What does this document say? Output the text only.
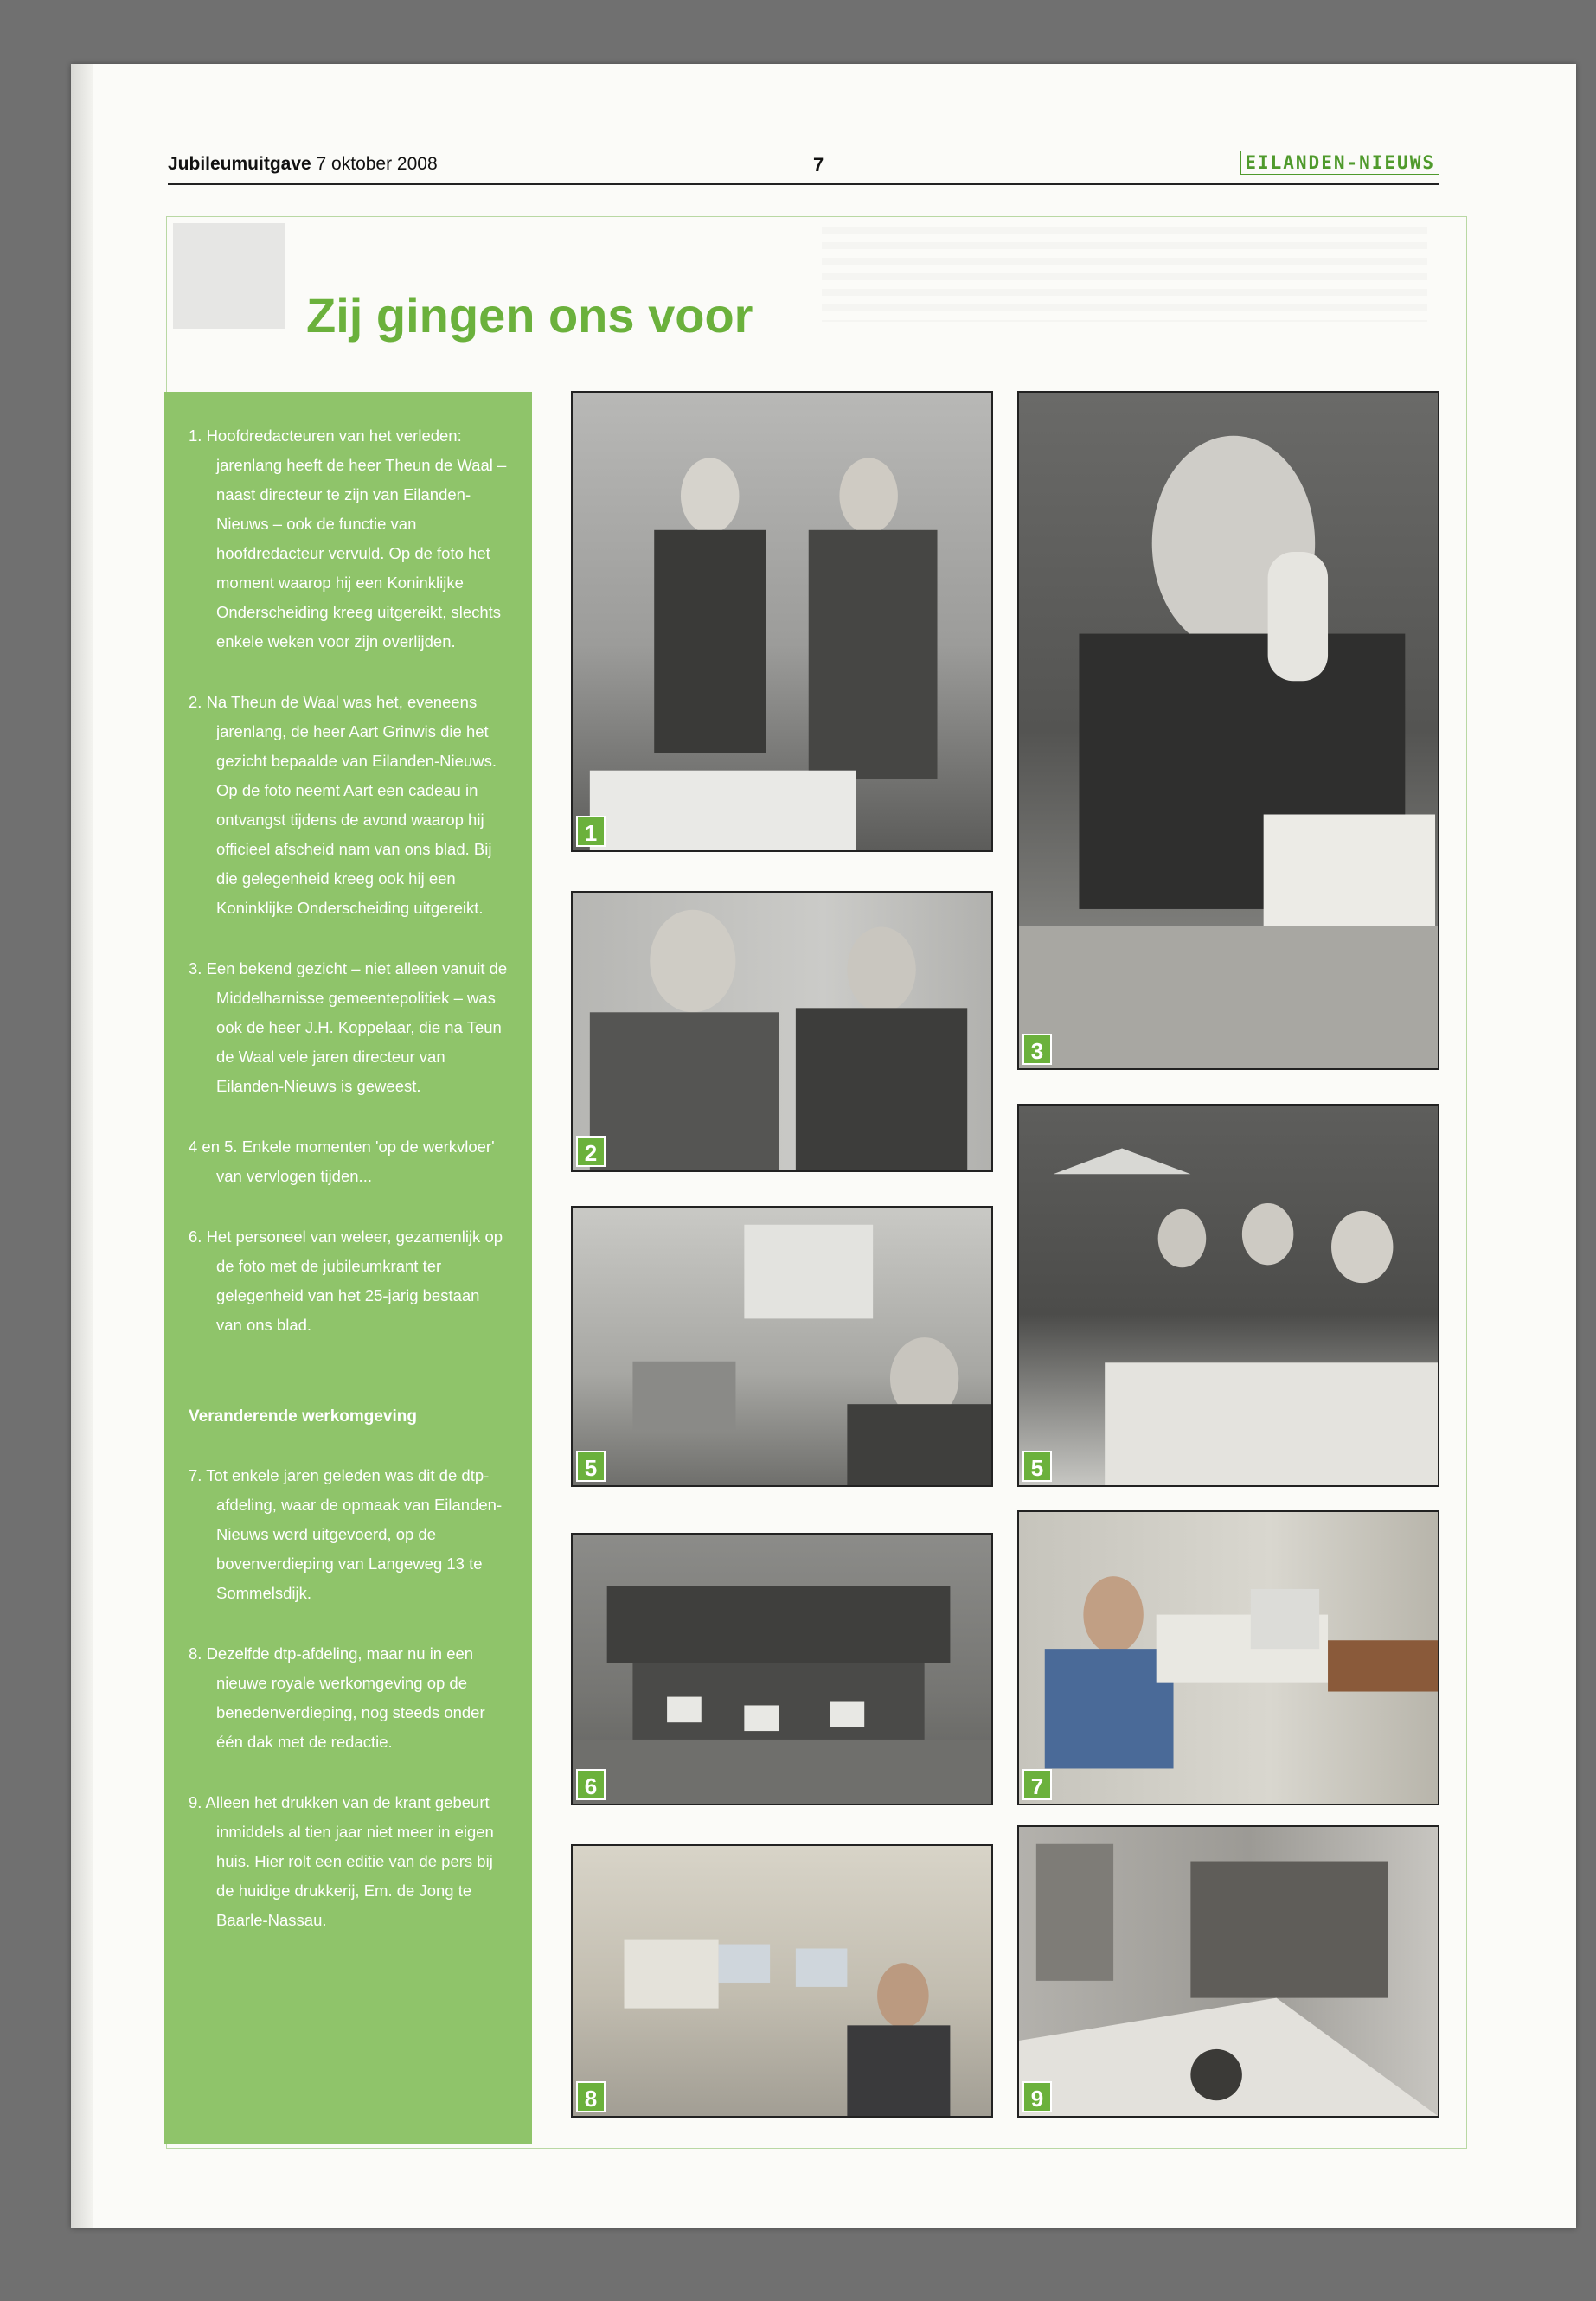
Jubileumuitgave 7 oktober 2008	7	EILANDEN-NIEUWS
Zij gingen ons voor

1. Hoofdredacteuren van het verleden: jarenlang heeft de heer Theun de Waal – naast directeur te zijn van Eilanden-Nieuws – ook de functie van hoofdredacteur vervuld. Op de foto het moment waarop hij een Koninklijke Onderscheiding kreeg uitgereikt, slechts enkele weken voor zijn overlijden.

2. Na Theun de Waal was het, eveneens jarenlang, de heer Aart Grinwis die het gezicht bepaalde van Eilanden-Nieuws. Op de foto neemt Aart een cadeau in ontvangst tijdens de avond waarop hij officieel afscheid nam van ons blad. Bij die gelegenheid kreeg ook hij een Koninklijke Onderscheiding uitgereikt.

3. Een bekend gezicht – niet alleen vanuit de Middelharnisse gemeentepolitiek – was ook de heer J.H. Koppelaar, die na Teun de Waal vele jaren directeur van Eilanden-Nieuws is geweest.

4 en 5. Enkele momenten 'op de werkvloer' van vervlogen tijden...

6. Het personeel van weleer, gezamenlijk op de foto met de jubileumkrant ter gelegenheid van het 25-jarig bestaan van ons blad.

Veranderende werkomgeving

7. Tot enkele jaren geleden was dit de dtp-afdeling, waar de opmaak van Eilanden-Nieuws werd uitgevoerd, op de bovenverdieping van Langeweg 13 te Sommelsdijk.

8. Dezelfde dtp-afdeling, maar nu in een nieuwe royale werkomgeving op de benedenverdieping, nog steeds onder één dak met de redactie.

9. Alleen het drukken van de krant gebeurt inmiddels al tien jaar niet meer in eigen huis. Hier rolt een editie van de pers bij de huidige drukkerij, Em. de Jong te Baarle-Nassau.

1
3
2
5	5
6	7
8	9
